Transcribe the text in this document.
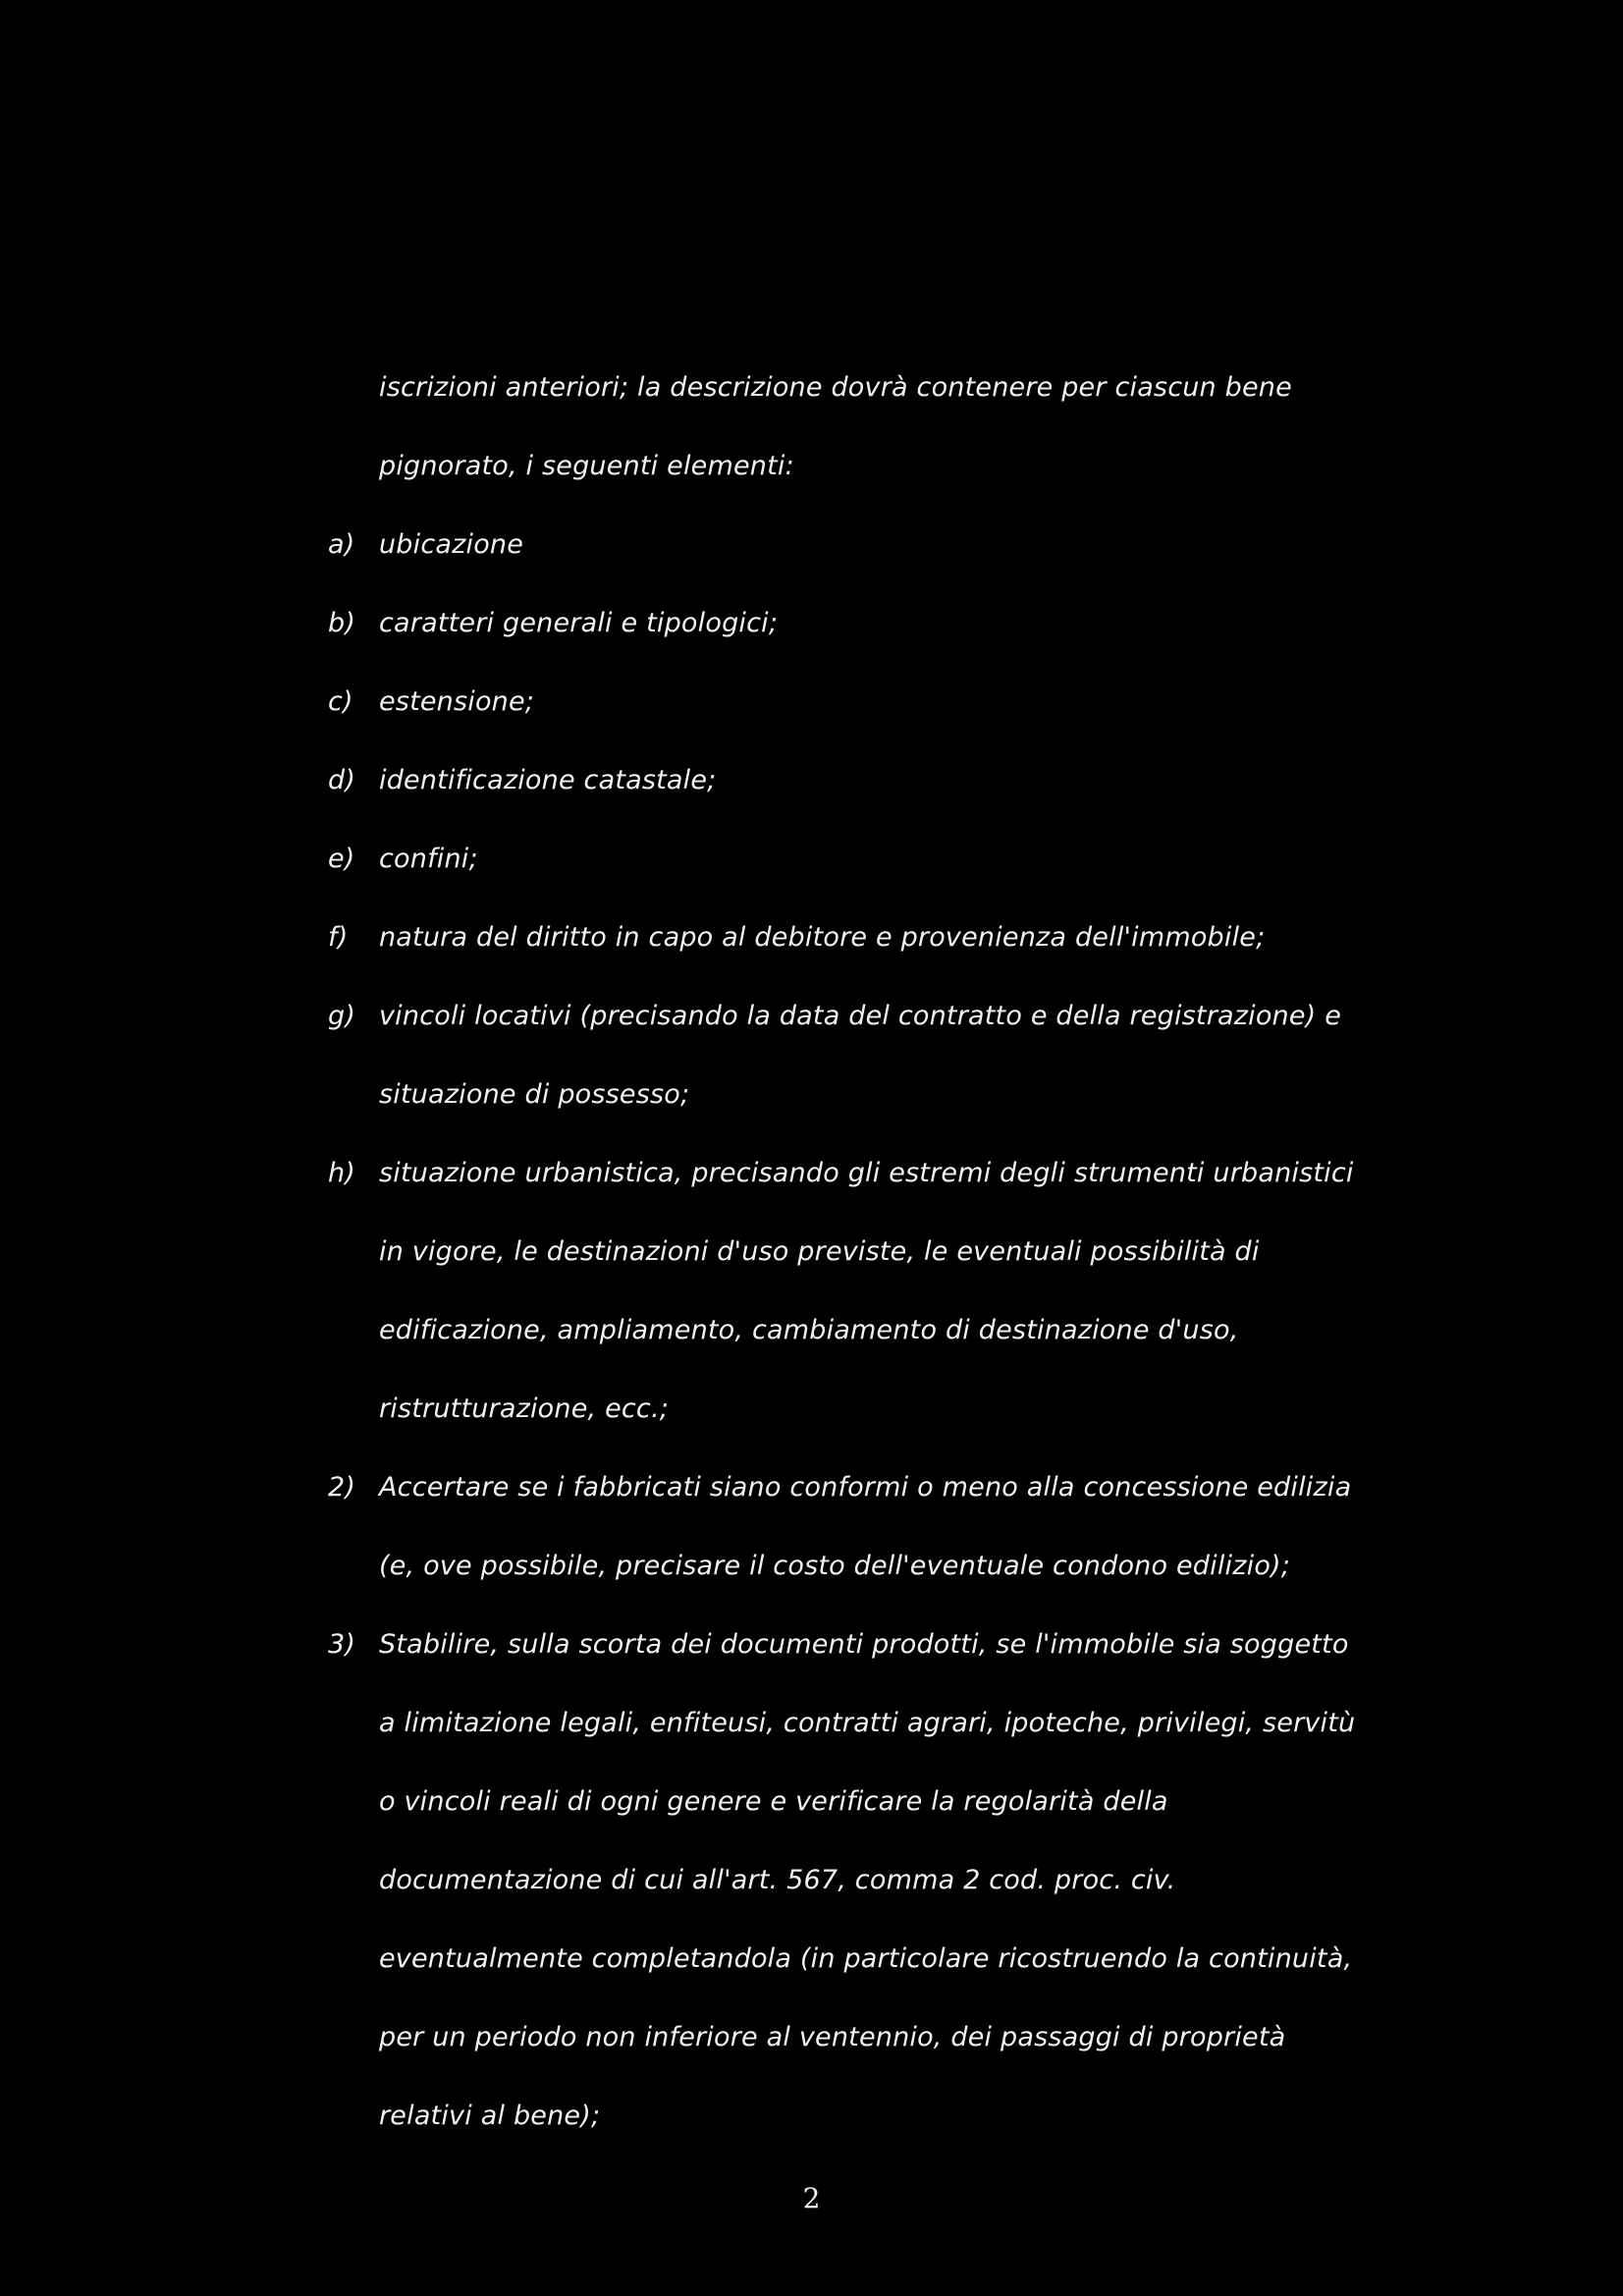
iscrizioni anteriori; la descrizione dovrà contenere per ciascun bene
pignorato, i seguenti elementi:
a) ubicazione
b) caratteri generali e tipologici;
c) estensione;
d) identificazione catastale;
e) confini;
f)	natura del diritto in capo al debitore e provenienza dell'immobile;
g) vincoli locativi (precisando la data del contratto e della registrazione) e
situazione di possesso;
h) situazione urbanistica, precisando gli estremi degli strumenti urbanistici
in vigore, le destinazioni d'uso previste, le eventuali possibilità di
edificazione, ampliamento, cambiamento di destinazione d'uso,
ristrutturazione, ecc.;
2) Accertare se i fabbricati siano conformi o meno alla concessione edilizia
(e, ove possibile, precisare il costo dell'eventuale condono edilizio);
3) Stabilire, sulla scorta dei documenti prodotti, se l'immobile sia soggetto
a limitazione legali, enfiteusi, contratti agrari, ipoteche, privilegi, servitù
o vincoli reali di ogni genere e verificare la regolarità della
documentazione di cui all'art. 567, comma 2 cod. proc. civ.
eventualmente completandola (in particolare ricostruendo la continuità,
per un periodo non inferiore al ventennio, dei passaggi di proprietà
relativi al bene);
2
